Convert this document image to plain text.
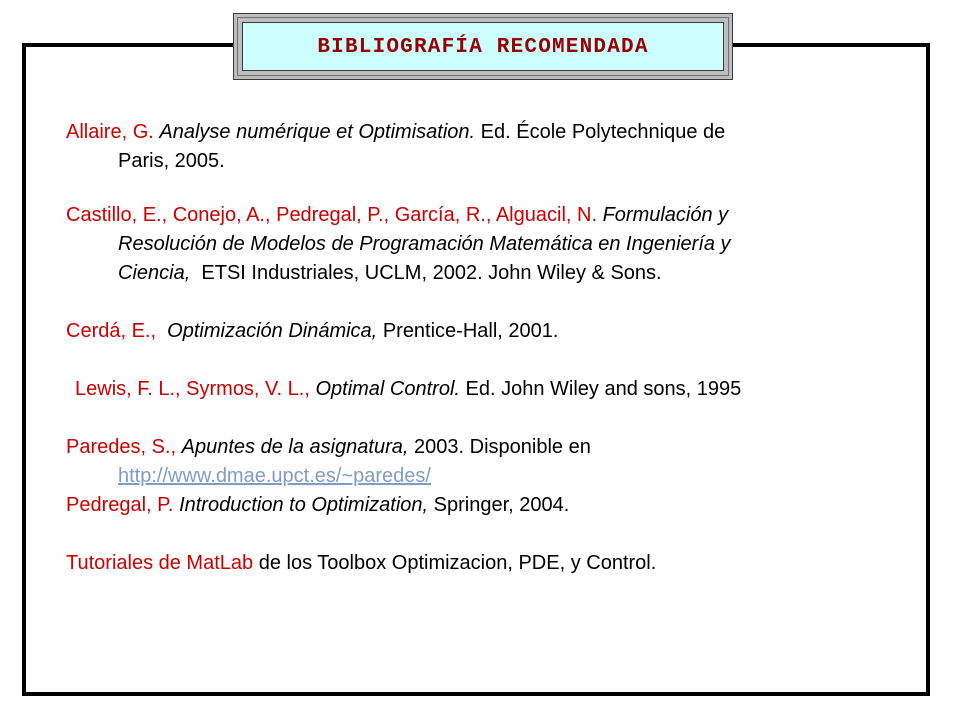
BIBLIOGRAFÍA RECOMENDADA
Allaire, G. Analyse numérique et Optimisation. Ed. École Polytechnique de
Paris, 2005.
Castillo, E., Conejo, A., Pedregal, P., García, R., Alguacil, N. Formulación y
Resolución de Modelos de Programación Matemática en Ingeniería y
Ciencia, ETSI Industriales, UCLM, 2002. John Wiley & Sons.
Cerdá, E., Optimización Dinámica, Prentice-Hall, 2001.
Lewis, F. L., Syrmos, V. L., Optimal Control. Ed. John Wiley and sons, 1995
Paredes, S., Apuntes de la asignatura, 2003. Disponible en
http://www.dmae.upct.es/~paredes/
Pedregal, P. Introduction to Optimization, Springer, 2004.
Tutoriales de MatLab de los Toolbox Optimizacion, PDE, y Control.
